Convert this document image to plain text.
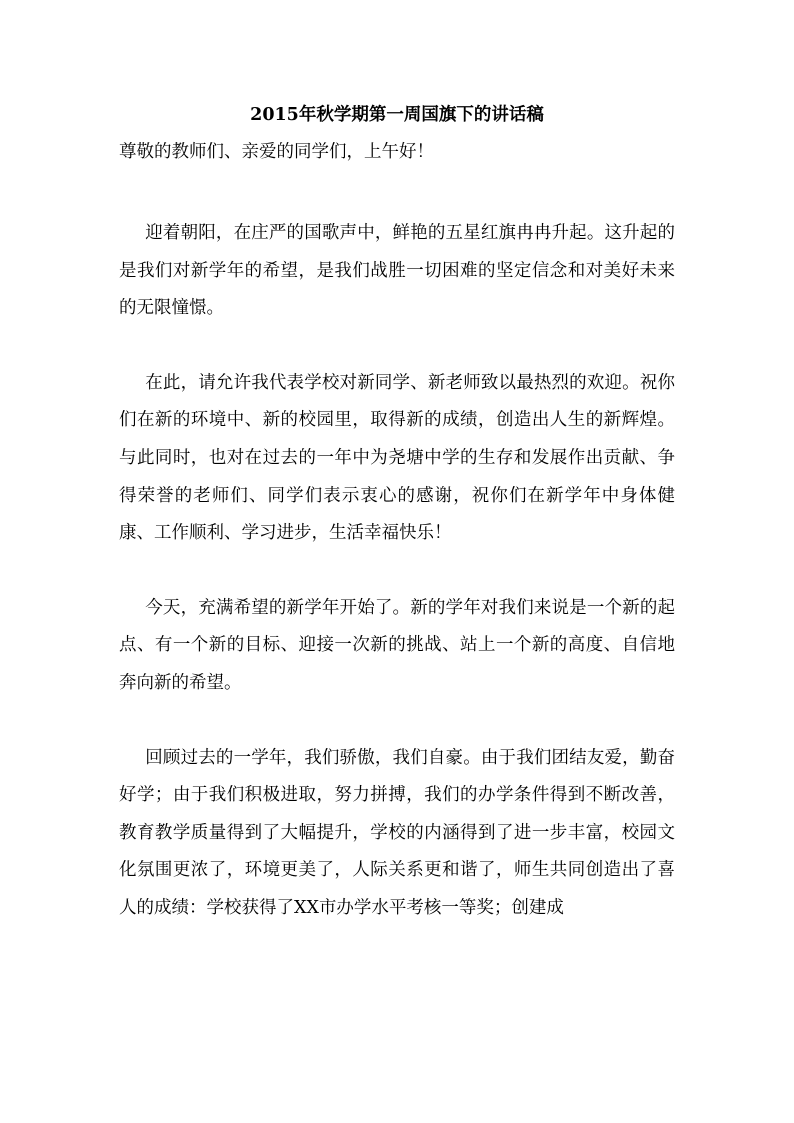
2015年秋学期第一周国旗下的讲话稿

尊敬的教师们、亲爱的同学们，上午好！

迎着朝阳，在庄严的国歌声中，鲜艳的五星红旗冉冉升起。这升起的是我们对新学年的希望，是我们战胜一切困难的坚定信念和对美好未来的无限憧憬。

在此，请允许我代表学校对新同学、新老师致以最热烈的欢迎。祝你们在新的环境中、新的校园里，取得新的成绩，创造出人生的新辉煌。与此同时，也对在过去的一年中为尧塘中学的生存和发展作出贡献、争得荣誉的老师们、同学们表示衷心的感谢，祝你们在新学年中身体健康、工作顺利、学习进步，生活幸福快乐！

今天，充满希望的新学年开始了。新的学年对我们来说是一个新的起点、有一个新的目标、迎接一次新的挑战、站上一个新的高度、自信地奔向新的希望。

回顾过去的一学年，我们骄傲，我们自豪。由于我们团结友爱，勤奋好学；由于我们积极进取，努力拼搏，我们的办学条件得到不断改善，教育教学质量得到了大幅提升，学校的内涵得到了进一步丰富，校园文化氛围更浓了，环境更美了，人际关系更和谐了，师生共同创造出了喜人的成绩：学校获得了XX市办学水平考核一等奖；创建成
